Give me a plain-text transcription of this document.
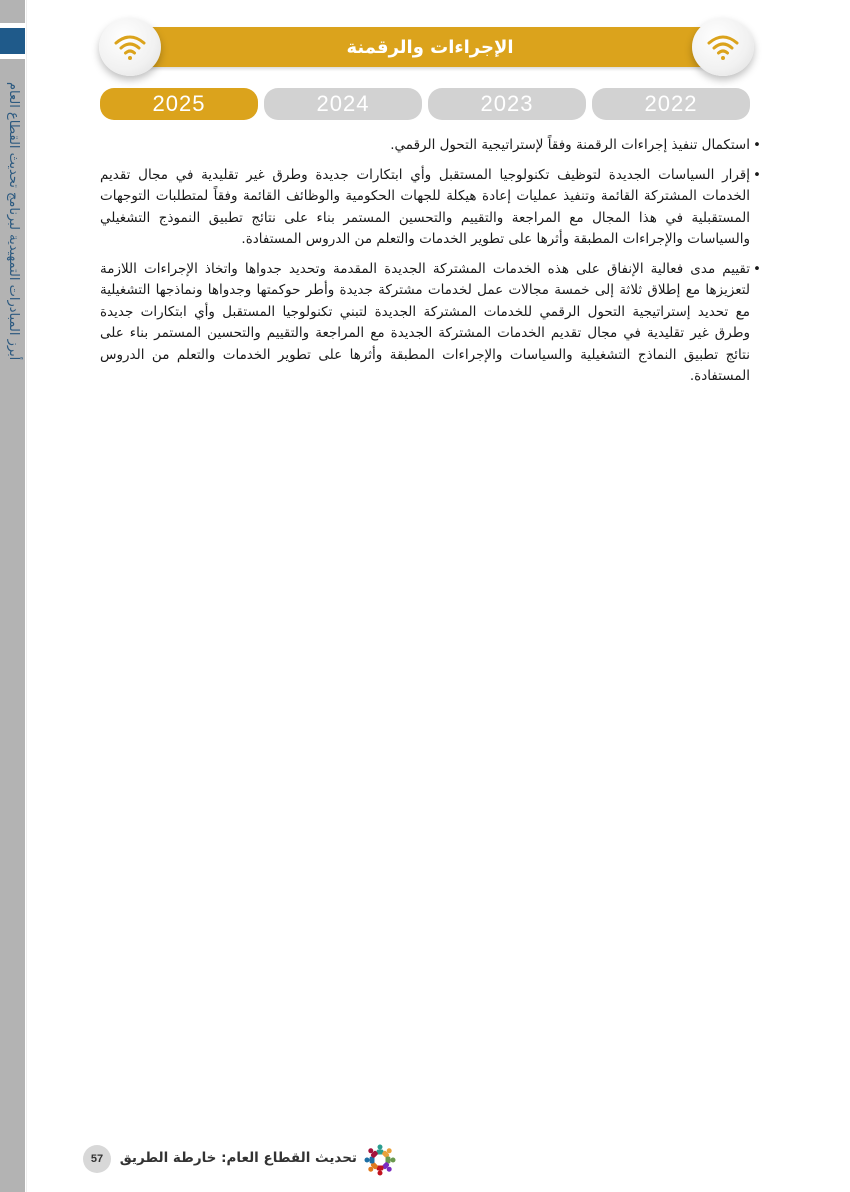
أبرز المبادرات التمهيدية لبرنامج تحديث القطاع العام
الإجراءات والرقمنة
2025	2024	2023	2022
• استكمال تنفيذ إجراءات الرقمنة وفقاً لإستراتيجية التحول الرقمي.
• إقرار السياسات الجديدة لتوظيف تكنولوجيا المستقبل وأي ابتكارات جديدة وطرق غير تقليدية في مجال تقديم الخدمات المشتركة القائمة وتنفيذ عمليات إعادة هيكلة للجهات الحكومية والوظائف القائمة وفقاً لمتطلبات التوجهات المستقبلية في هذا المجال مع المراجعة والتقييم والتحسين المستمر بناء على نتائج تطبيق النموذج التشغيلي والسياسات والإجراءات المطبقة وأثرها على تطوير الخدمات والتعلم من الدروس المستفادة.
• تقييم مدى فعالية الإنفاق على هذه الخدمات المشتركة الجديدة المقدمة وتحديد جدواها واتخاذ الإجراءات اللازمة لتعزيزها مع إطلاق ثلاثة إلى خمسة مجالات عمل لخدمات مشتركة جديدة وأطر حوكمتها وجدواها ونماذجها التشغيلية مع تحديد إستراتيجية التحول الرقمي للخدمات المشتركة الجديدة لتبني تكنولوجيا المستقبل وأي ابتكارات جديدة وطرق غير تقليدية في مجال تقديم الخدمات المشتركة الجديدة مع المراجعة والتقييم والتحسين المستمر بناء على نتائج تطبيق النماذج التشغيلية والسياسات والإجراءات المطبقة وأثرها على تطوير الخدمات والتعلم من الدروس المستفادة.
57	تحديث القطاع العام: خارطة الطريق
